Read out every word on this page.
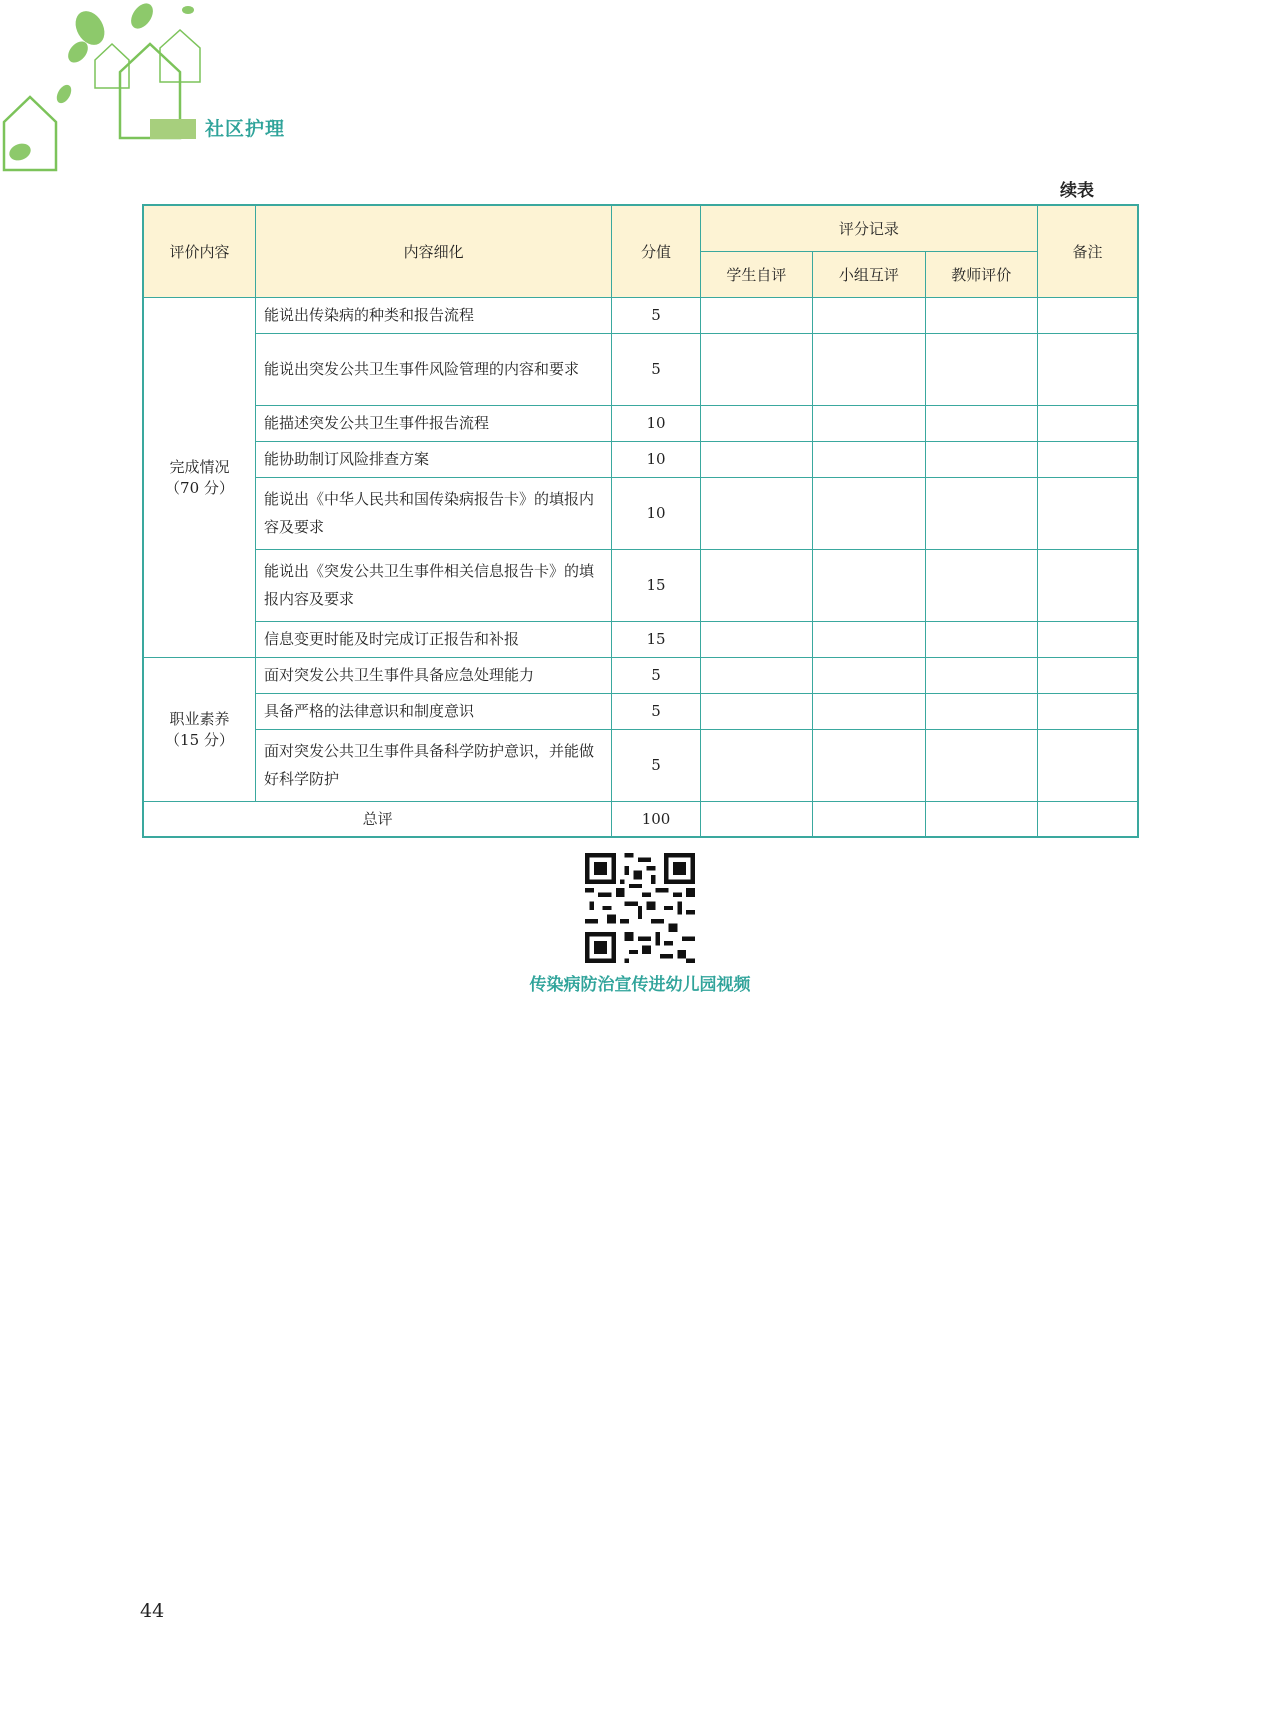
社区护理
续表
评价内容	内容细化	分值	评分记录			备注
			学生自评	小组互评	教师评价	

完成情况
（70 分）	能说出传染病的种类和报告流程	5				
	能说出突发公共卫生事件风险管理的内容和要求	5				
	能描述突发公共卫生事件报告流程	10				
	能协助制订风险排查方案	10				
	能说出《中华人民共和国传染病报告卡》的填报内容及要求	10				
	能说出《突发公共卫生事件相关信息报告卡》的填报内容及要求	15				
	信息变更时能及时完成订正报告和补报	15				

职业素养
（15 分）	面对突发公共卫生事件具备应急处理能力	5				
	具备严格的法律意识和制度意识	5				
	面对突发公共卫生事件具备科学防护意识，并能做好科学防护	5				
总评		100				
传染病防治宣传进幼儿园视频
44
